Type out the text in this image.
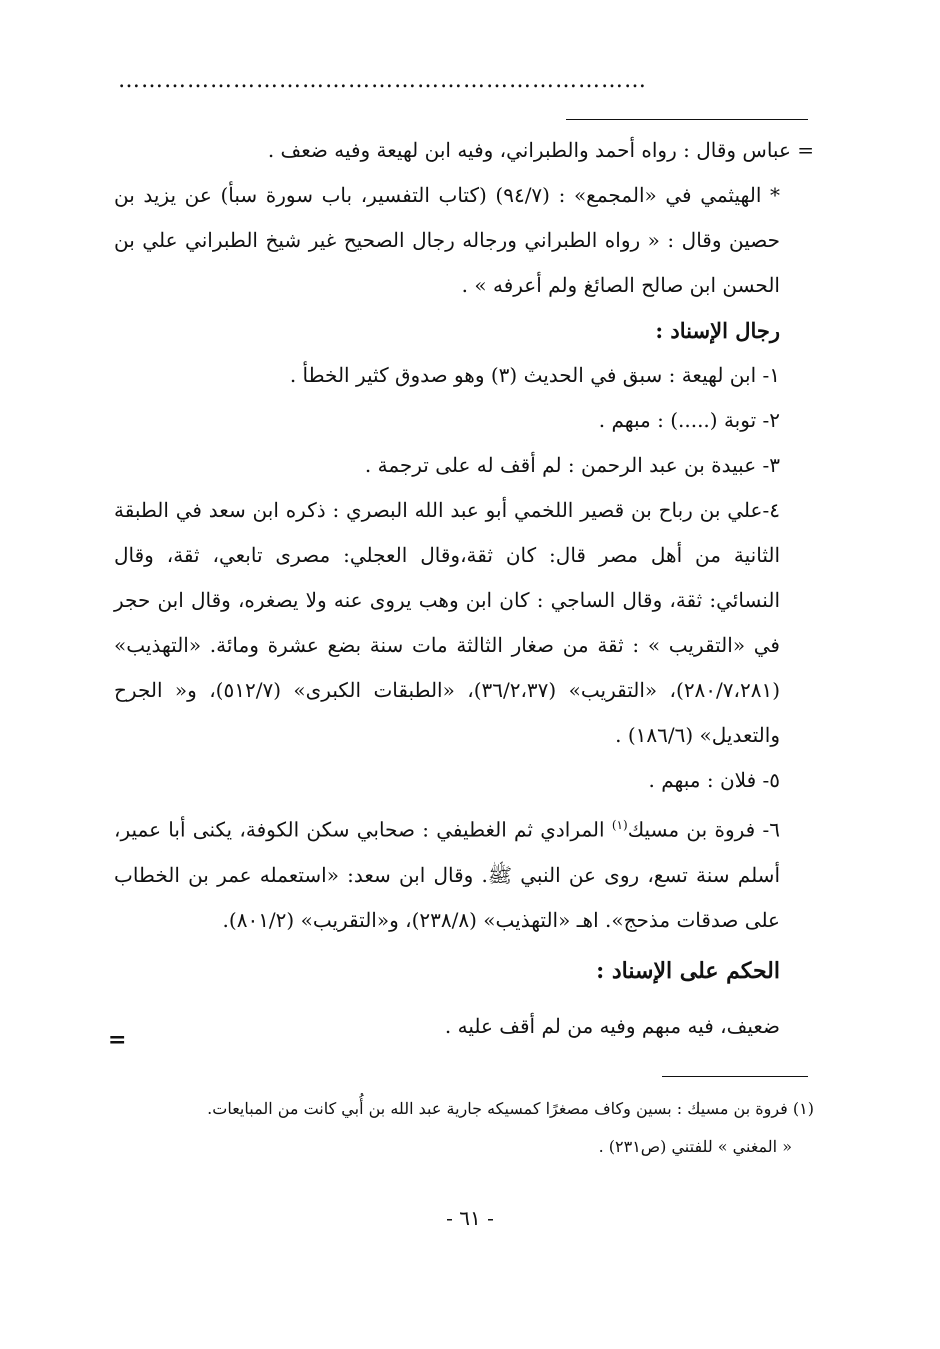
……………………………………………………………

= عباس وقال : رواه أحمد والطبراني، وفيه ابن لهيعة وفيه ضعف .

* الهيثمي في «المجمع» : (٩٤/٧) (كتاب التفسير، باب سورة سبأ) عن يزيد بن حصين وقال : « رواه الطبراني ورجاله رجال الصحيح غير شيخ الطبراني علي بن الحسن ابن صالح الصائغ ولم أعرفه » .

رجال الإسناد :

١- ابن لهيعة : سبق في الحديث (٣) وهو صدوق كثير الخطأ .

٢- توبة (.....) : مبهم .

٣- عبيدة بن عبد الرحمن : لم أقف له على ترجمة .

٤-علي بن رباح بن قصير اللخمي أبو عبد الله البصري : ذكره ابن سعد في الطبقة الثانية من أهل مصر قال: كان ثقة،وقال العجلي: مصرى تابعي، ثقة، وقال النسائي: ثقة، وقال الساجي : كان ابن وهب يروى عنه ولا يصغره، وقال ابن حجر في «التقريب » : ثقة من صغار الثالثة مات سنة بضع عشرة ومائة. «التهذيب» (٢٨٠/٧،٢٨١)، «التقريب» (٣٦/٢،٣٧)، «الطبقات الكبرى» (٥١٢/٧)، و« الجرح والتعديل» (١٨٦/٦) .

٥- فلان : مبهم .

٦- فروة بن مسيك$^{(١)}$ المرادي ثم الغطيفي : صحابي سكن الكوفة، يكنى أبا عمير، أسلم سنة تسع، روى عن النبي ﷺ. وقال ابن سعد: «استعمله عمر بن الخطاب على صدقات مذحج». اهـ «التهذيب» (٢٣٨/٨)، و«التقريب» (٨٠١/٢).

الحكم على الإسناد :

ضعيف، فيه مبهم وفيه من لم أقف عليه .

=

(١) فروة بن مسيك : بسين وكاف مصغرًا كمسيكه جارية عبد الله بن أُبي كانت من المبايعات.

« المغني » للفتني (ص٢٣١) .

- ٦١ -
